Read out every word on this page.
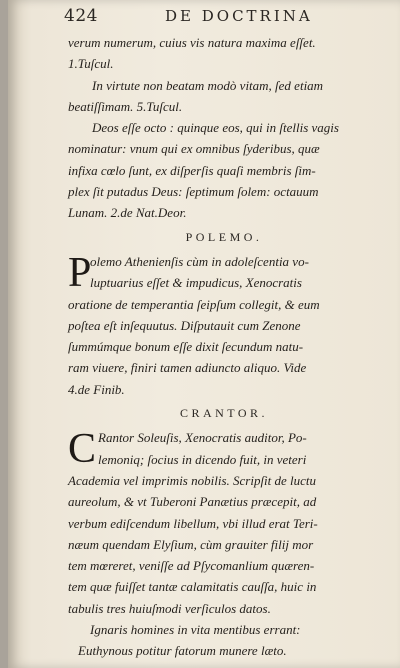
424	DE DOCTRINA
verum numerum, cuius vis natura maxima eſſet.
1.Tuſcul.
In virtute non beatam modò vitam, ſed etiam
beatiſſimam. 5.Tuſcul.
Deos eſſe octo : quinque eos, qui in ſtellis vagis
nominatur: vnum qui ex omnibus ſyderibus, quæ
infixa cœlo ſunt, ex diſperſis quaſi membris ſim-
plex ſit putadus Deus: ſeptimum ſolem: octauum
Lunam. 2.de Nat.Deor.
POLEMO.
P
olemo Athenienſis cùm in adoleſcentia vo-
luptuarius eſſet & impudicus, Xenocratis
oratione de temperantia ſeipſum collegit, & eum
poſtea eſt inſequutus. Diſputauit cum Zenone
ſummúmque bonum eſſe dixit ſecundum natu-
ram viuere, finiri tamen adiuncto aliquo. Vide
4.de Finib.
CRANTOR.
C Rantor Soleuſis, Xenocratis auditor, Po-
lemoniq; ſocius in dicendo fuit, in veteri
Academia vel imprimis nobilis. Scripſit de luctu
aureolum, & vt Tuberoni Panætius præcepit, ad
verbum ediſcendum libellum, vbi illud erat Teri-
næum quendam Elyſium, cùm grauiter filij mor
tem mœreret, veniſſe ad Pſycomanlium quæren-
tem quæ fuiſſet tantæ calamitatis cauſſa, huic in
tabulis tres huiuſmodi verſiculos datos.
Ignaris homines in vita mentibus errant:
Euthynous potitur fatorum munere læto.
